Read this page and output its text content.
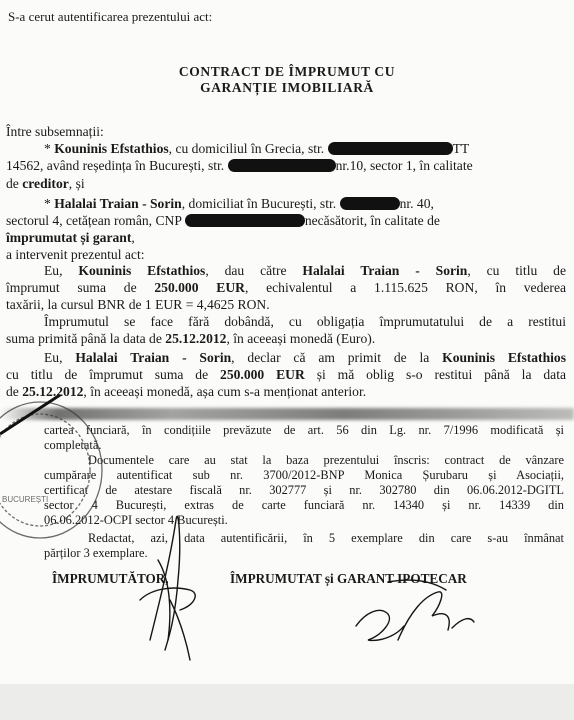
S-a cerut autentificarea prezentului act:
CONTRACT DE ÎMPRUMUT CU
GARANȚIE IMOBILIARĂ
Între subsemnații:
* Kouninis Efstathios, cu domiciliul în Grecia, str.	TT
14562, având reședința în București, str.	nr.10, sector 1, în calitate
de creditor, și
* Halalai Traian - Sorin, domiciliat în București, str.	nr. 40,
sectorul 4, cetățean român, CNP	necăsătorit, în calitate de
împrumutat și garant,
a intervenit prezentul act:
Eu, Kouninis Efstathios, dau către Halalai Traian - Sorin, cu titlu de
împrumut suma de 250.000 EUR, echivalentul a 1.115.625 RON, în vederea
taxării, la cursul BNR de 1 EUR = 4,4625 RON.
Împrumutul se face fără dobândă, cu obligația împrumutatului de a restitui
suma primită până la data de 25.12.2012, în aceeași monedă (Euro).
Eu, Halalai Traian - Sorin, declar că am primit de la Kouninis Efstathios
cu titlu de împrumut suma de 250.000 EUR și mă oblig s-o restitui până la data
de 25.12.2012, în aceeași monedă, așa cum s-a menționat anterior.
cartea funciară, în condițiile prevăzute de art. 56 din Lg. nr. 7/1996 modificată și
completată.
Documentele care au stat la baza prezentului înscris: contract de vânzare
cumpărare autentificat sub nr. 3700/2012-BNP Monica Șurubaru și Asociații,
certificat de atestare fiscală nr. 302777 și nr. 302780 din 06.06.2012-DGITL
sector 4 București, extras de carte funciară nr. 14340 și nr. 14339 din
06.06.2012-OCPI sector 4 București.
Redactat, azi, data autentificării, în 5 exemplare din care s-au înmânat
părților 3 exemplare.
ÎMPRUMUTĂTOR,	ÎMPRUMUTAT și GARANT IPOTECAR
BUCUREȘTI
